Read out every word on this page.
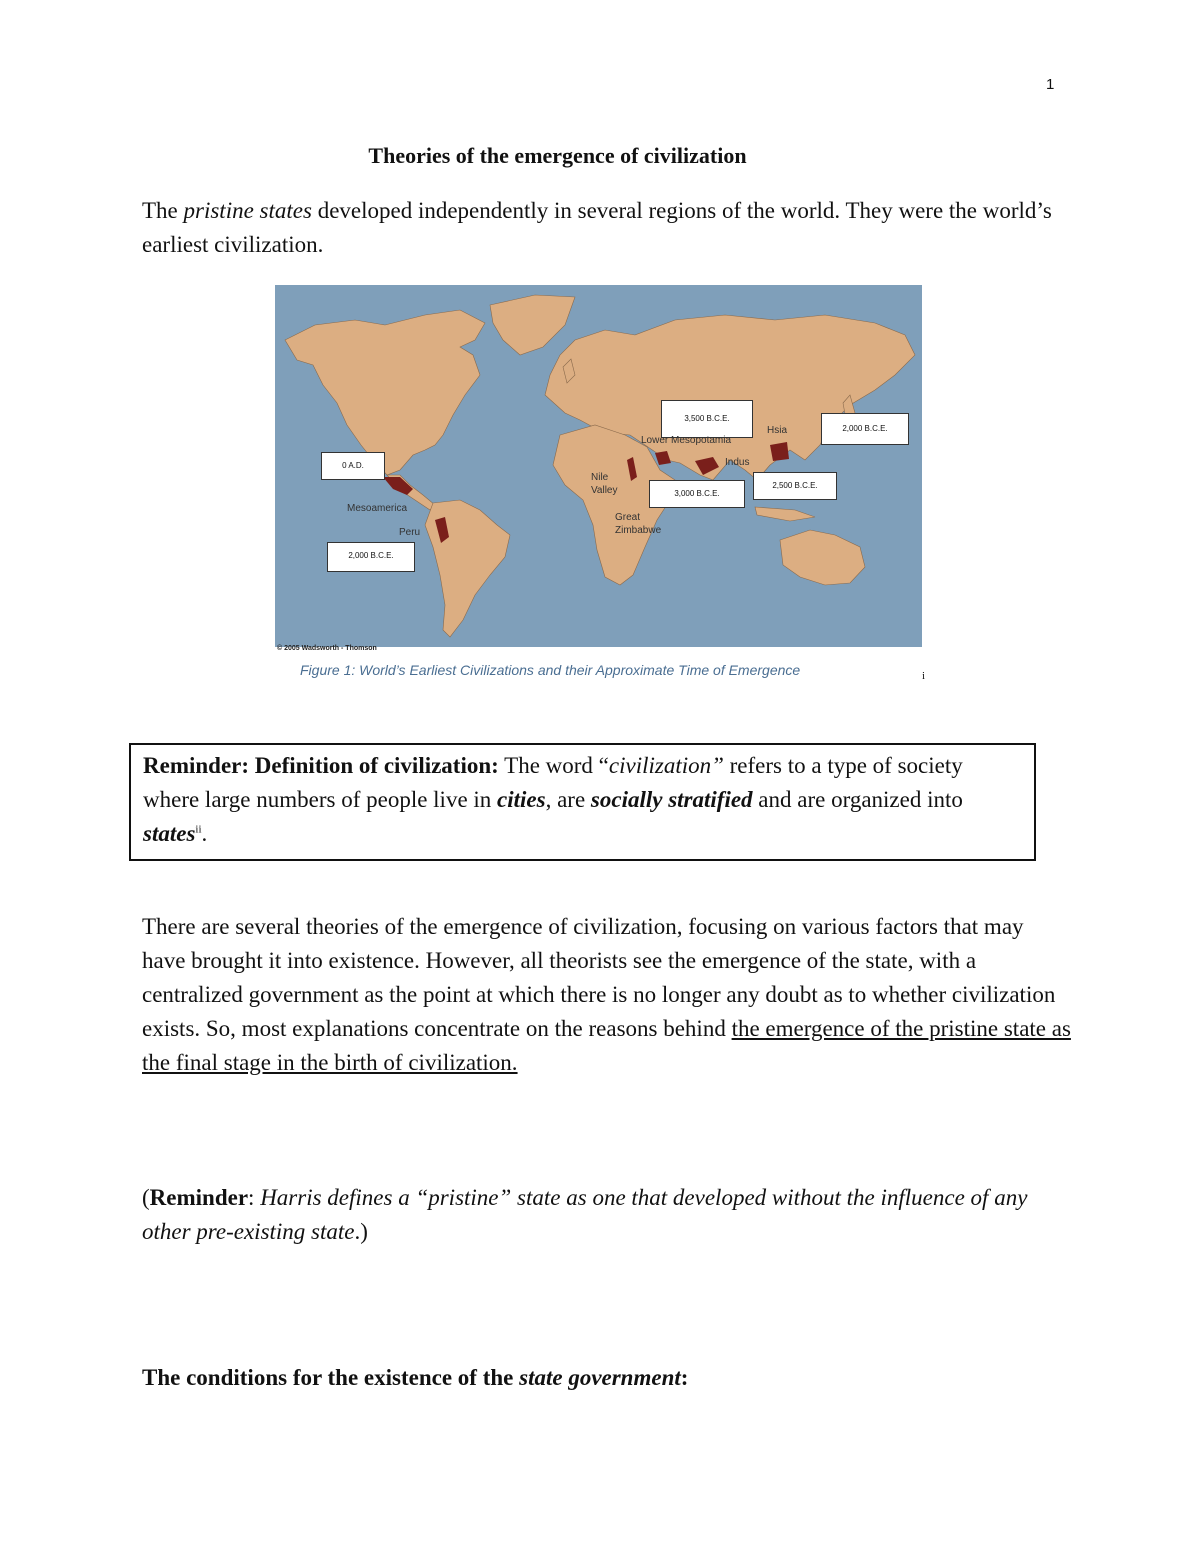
1
Theories of the emergence of civilization
The pristine states developed independently in several regions of the world. They were the world’s earliest civilization.
0 A.D.
2,000 B.C.E.
3,500 B.C.E.
3,000 B.C.E.
2,500 B.C.E.
2,000 B.C.E.
Mesoamerica
Peru
Nile Valley
Lower Mesopotamia
Indus
Hsia
Great Zimbabwe
© 2005 Wadsworth - Thomson
Figure 1: World’s Earliest Civilizations and their Approximate Time of Emergence	i
Reminder: Definition of civilization: The word “civilization” refers to a type of society where large numbers of people live in cities, are socially stratified and are organized into states$^{ii}$.
There are several theories of the emergence of civilization, focusing on various factors that may have brought it into existence. However, all theorists see the emergence of the state, with a centralized government as the point at which there is no longer any doubt as to whether civilization exists. So, most explanations concentrate on the reasons behind the emergence of the pristine state as the final stage in the birth of civilization.
(Reminder: Harris defines a “pristine” state as one that developed without the influence of any other pre-existing state.)
The conditions for the existence of the state government:
